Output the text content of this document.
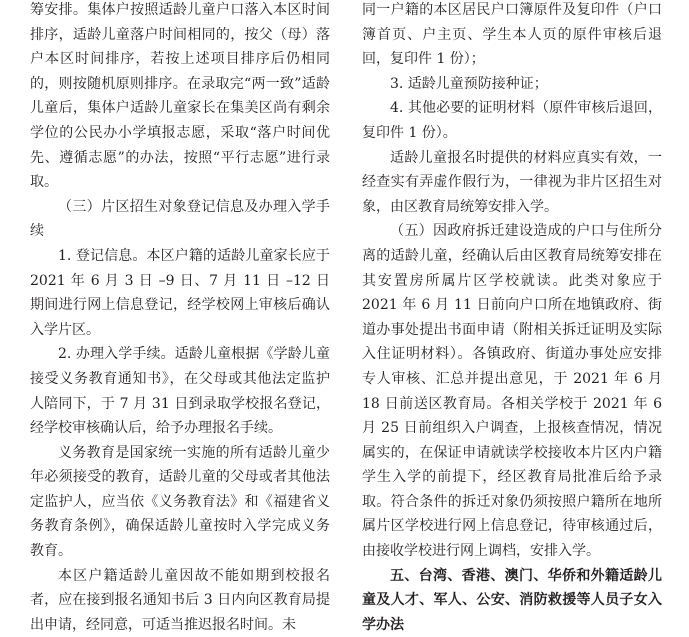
筹安排。集体户按照适龄儿童户口落入本区时间排序，适龄儿童落户时间相同的，按父（母）落户本区时间排序，若按上述项目排序后仍相同的，则按随机原则排序。在录取完“两一致”适龄儿童后，集体户适龄儿童家长在集美区尚有剩余学位的公民办小学填报志愿，采取“落户时间优先、遵循志愿”的办法，按照“平行志愿”进行录取。

（三）片区招生对象登记信息及办理入学手续

1. 登记信息。本区户籍的适龄儿童家长应于 2021 年 6 月 3 日 –9 日、7 月 11 日 –12 日期间进行网上信息登记，经学校网上审核后确认入学片区。

2. 办理入学手续。适龄儿童根据《学龄儿童接受义务教育通知书》，在父母或其他法定监护人陪同下，于 7 月 31 日到录取学校报名登记，经学校审核确认后，给予办理报名手续。

义务教育是国家统一实施的所有适龄儿童少年必须接受的教育，适龄儿童的父母或者其他法定监护人，应当依《义务教育法》和《福建省义务教育条例》，确保适龄儿童按时入学完成义务教育。

本区户籍适龄儿童因故不能如期到校报名者，应在接到报名通知书后 3 日内向区教育局提出申请，经同意，可适当推迟报名时间。未

同一户籍的本区居民户口簿原件及复印件（户口簿首页、户主页、学生本人页的原件审核后退回，复印件 1 份）；

3. 适龄儿童预防接种证；

4. 其他必要的证明材料（原件审核后退回，复印件 1 份）。

适龄儿童报名时提供的材料应真实有效，一经查实有弄虚作假行为，一律视为非片区招生对象，由区教育局统筹安排入学。

（五）因政府拆迁建设造成的户口与住所分离的适龄儿童，经确认后由区教育局统筹安排在其安置房所属片区学校就读。此类对象应于 2021 年 6 月 11 日前向户口所在地镇政府、街道办事处提出书面申请（附相关拆迁证明及实际入住证明材料）。各镇政府、街道办事处应安排专人审核、汇总并提出意见，于 2021 年 6 月 18 日前送区教育局。各相关学校于 2021 年 6 月 25 日前组织入户调查，上报核查情况，情况属实的，在保证申请就读学校接收本片区内户籍学生入学的前提下，经区教育局批准后给予录取。符合条件的拆迁对象仍须按照户籍所在地所属片区学校进行网上信息登记，待审核通过后，由接收学校进行网上调档，安排入学。

五、台湾、香港、澳门、华侨和外籍适龄儿童及人才、军人、公安、消防救援等人员子女入学办法
